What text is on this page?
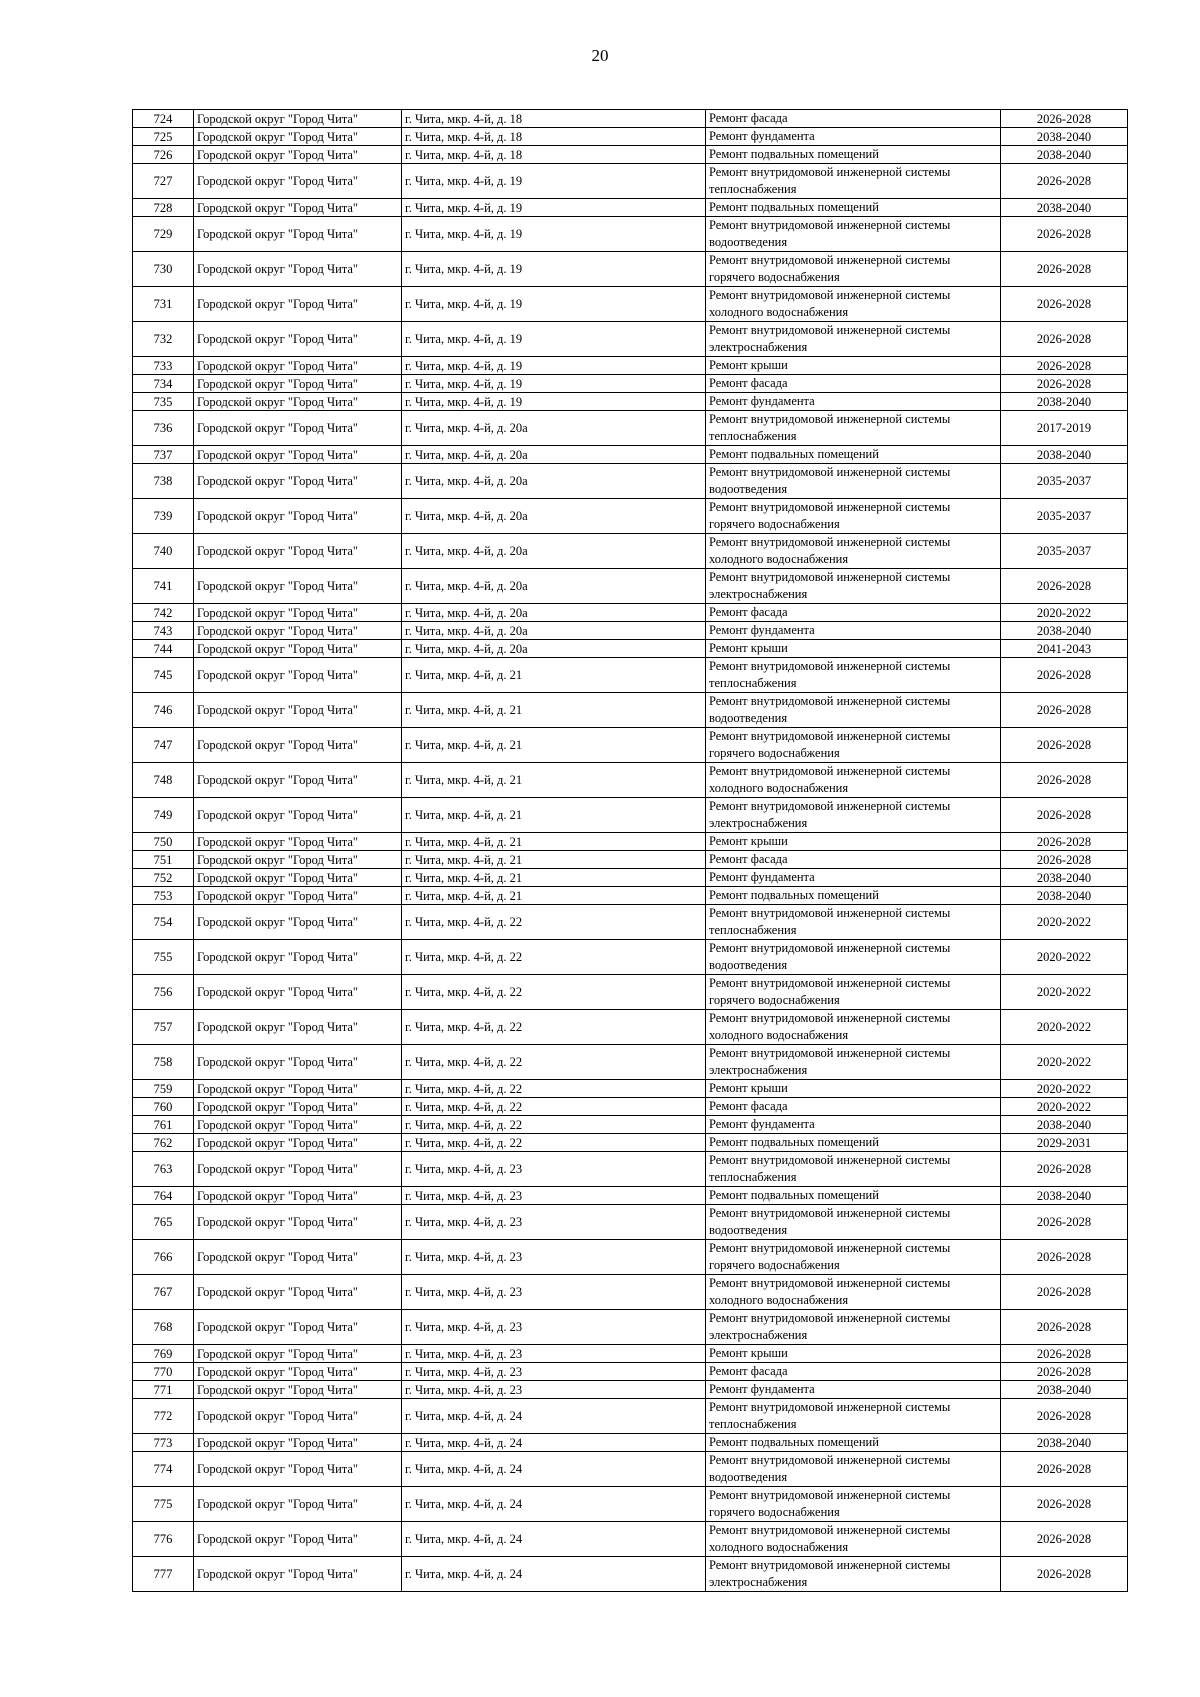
20
724	Городской округ "Город Чита"	г. Чита, мкр. 4-й, д. 18	Ремонт фасада	2026-2028
725	Городской округ "Город Чита"	г. Чита, мкр. 4-й, д. 18	Ремонт фундамента	2038-2040
726	Городской округ "Город Чита"	г. Чита, мкр. 4-й, д. 18	Ремонт подвальных помещений	2038-2040
727	Городской округ "Город Чита"	г. Чита, мкр. 4-й, д. 19	Ремонт внутридомовой инженерной системы теплоснабжения	2026-2028
728	Городской округ "Город Чита"	г. Чита, мкр. 4-й, д. 19	Ремонт подвальных помещений	2038-2040
729	Городской округ "Город Чита"	г. Чита, мкр. 4-й, д. 19	Ремонт внутридомовой инженерной системы водоотведения	2026-2028
730	Городской округ "Город Чита"	г. Чита, мкр. 4-й, д. 19	Ремонт внутридомовой инженерной системы горячего водоснабжения	2026-2028
731	Городской округ "Город Чита"	г. Чита, мкр. 4-й, д. 19	Ремонт внутридомовой инженерной системы холодного водоснабжения	2026-2028
732	Городской округ "Город Чита"	г. Чита, мкр. 4-й, д. 19	Ремонт внутридомовой инженерной системы электроснабжения	2026-2028
733	Городской округ "Город Чита"	г. Чита, мкр. 4-й, д. 19	Ремонт крыши	2026-2028
734	Городской округ "Город Чита"	г. Чита, мкр. 4-й, д. 19	Ремонт фасада	2026-2028
735	Городской округ "Город Чита"	г. Чита, мкр. 4-й, д. 19	Ремонт фундамента	2038-2040
736	Городской округ "Город Чита"	г. Чита, мкр. 4-й, д. 20а	Ремонт внутридомовой инженерной системы теплоснабжения	2017-2019
737	Городской округ "Город Чита"	г. Чита, мкр. 4-й, д. 20а	Ремонт подвальных помещений	2038-2040
738	Городской округ "Город Чита"	г. Чита, мкр. 4-й, д. 20а	Ремонт внутридомовой инженерной системы водоотведения	2035-2037
739	Городской округ "Город Чита"	г. Чита, мкр. 4-й, д. 20а	Ремонт внутридомовой инженерной системы горячего водоснабжения	2035-2037
740	Городской округ "Город Чита"	г. Чита, мкр. 4-й, д. 20а	Ремонт внутридомовой инженерной системы холодного водоснабжения	2035-2037
741	Городской округ "Город Чита"	г. Чита, мкр. 4-й, д. 20а	Ремонт внутридомовой инженерной системы электроснабжения	2026-2028
742	Городской округ "Город Чита"	г. Чита, мкр. 4-й, д. 20а	Ремонт фасада	2020-2022
743	Городской округ "Город Чита"	г. Чита, мкр. 4-й, д. 20а	Ремонт фундамента	2038-2040
744	Городской округ "Город Чита"	г. Чита, мкр. 4-й, д. 20а	Ремонт крыши	2041-2043
745	Городской округ "Город Чита"	г. Чита, мкр. 4-й, д. 21	Ремонт внутридомовой инженерной системы теплоснабжения	2026-2028
746	Городской округ "Город Чита"	г. Чита, мкр. 4-й, д. 21	Ремонт внутридомовой инженерной системы водоотведения	2026-2028
747	Городской округ "Город Чита"	г. Чита, мкр. 4-й, д. 21	Ремонт внутридомовой инженерной системы горячего водоснабжения	2026-2028
748	Городской округ "Город Чита"	г. Чита, мкр. 4-й, д. 21	Ремонт внутридомовой инженерной системы холодного водоснабжения	2026-2028
749	Городской округ "Город Чита"	г. Чита, мкр. 4-й, д. 21	Ремонт внутридомовой инженерной системы электроснабжения	2026-2028
750	Городской округ "Город Чита"	г. Чита, мкр. 4-й, д. 21	Ремонт крыши	2026-2028
751	Городской округ "Город Чита"	г. Чита, мкр. 4-й, д. 21	Ремонт фасада	2026-2028
752	Городской округ "Город Чита"	г. Чита, мкр. 4-й, д. 21	Ремонт фундамента	2038-2040
753	Городской округ "Город Чита"	г. Чита, мкр. 4-й, д. 21	Ремонт подвальных помещений	2038-2040
754	Городской округ "Город Чита"	г. Чита, мкр. 4-й, д. 22	Ремонт внутридомовой инженерной системы теплоснабжения	2020-2022
755	Городской округ "Город Чита"	г. Чита, мкр. 4-й, д. 22	Ремонт внутридомовой инженерной системы водоотведения	2020-2022
756	Городской округ "Город Чита"	г. Чита, мкр. 4-й, д. 22	Ремонт внутридомовой инженерной системы горячего водоснабжения	2020-2022
757	Городской округ "Город Чита"	г. Чита, мкр. 4-й, д. 22	Ремонт внутридомовой инженерной системы холодного водоснабжения	2020-2022
758	Городской округ "Город Чита"	г. Чита, мкр. 4-й, д. 22	Ремонт внутридомовой инженерной системы электроснабжения	2020-2022
759	Городской округ "Город Чита"	г. Чита, мкр. 4-й, д. 22	Ремонт крыши	2020-2022
760	Городской округ "Город Чита"	г. Чита, мкр. 4-й, д. 22	Ремонт фасада	2020-2022
761	Городской округ "Город Чита"	г. Чита, мкр. 4-й, д. 22	Ремонт фундамента	2038-2040
762	Городской округ "Город Чита"	г. Чита, мкр. 4-й, д. 22	Ремонт подвальных помещений	2029-2031
763	Городской округ "Город Чита"	г. Чита, мкр. 4-й, д. 23	Ремонт внутридомовой инженерной системы теплоснабжения	2026-2028
764	Городской округ "Город Чита"	г. Чита, мкр. 4-й, д. 23	Ремонт подвальных помещений	2038-2040
765	Городской округ "Город Чита"	г. Чита, мкр. 4-й, д. 23	Ремонт внутридомовой инженерной системы водоотведения	2026-2028
766	Городской округ "Город Чита"	г. Чита, мкр. 4-й, д. 23	Ремонт внутридомовой инженерной системы горячего водоснабжения	2026-2028
767	Городской округ "Город Чита"	г. Чита, мкр. 4-й, д. 23	Ремонт внутридомовой инженерной системы холодного водоснабжения	2026-2028
768	Городской округ "Город Чита"	г. Чита, мкр. 4-й, д. 23	Ремонт внутридомовой инженерной системы электроснабжения	2026-2028
769	Городской округ "Город Чита"	г. Чита, мкр. 4-й, д. 23	Ремонт крыши	2026-2028
770	Городской округ "Город Чита"	г. Чита, мкр. 4-й, д. 23	Ремонт фасада	2026-2028
771	Городской округ "Город Чита"	г. Чита, мкр. 4-й, д. 23	Ремонт фундамента	2038-2040
772	Городской округ "Город Чита"	г. Чита, мкр. 4-й, д. 24	Ремонт внутридомовой инженерной системы теплоснабжения	2026-2028
773	Городской округ "Город Чита"	г. Чита, мкр. 4-й, д. 24	Ремонт подвальных помещений	2038-2040
774	Городской округ "Город Чита"	г. Чита, мкр. 4-й, д. 24	Ремонт внутридомовой инженерной системы водоотведения	2026-2028
775	Городской округ "Город Чита"	г. Чита, мкр. 4-й, д. 24	Ремонт внутридомовой инженерной системы горячего водоснабжения	2026-2028
776	Городской округ "Город Чита"	г. Чита, мкр. 4-й, д. 24	Ремонт внутридомовой инженерной системы холодного водоснабжения	2026-2028
777	Городской округ "Город Чита"	г. Чита, мкр. 4-й, д. 24	Ремонт внутридомовой инженерной системы электроснабжения	2026-2028
